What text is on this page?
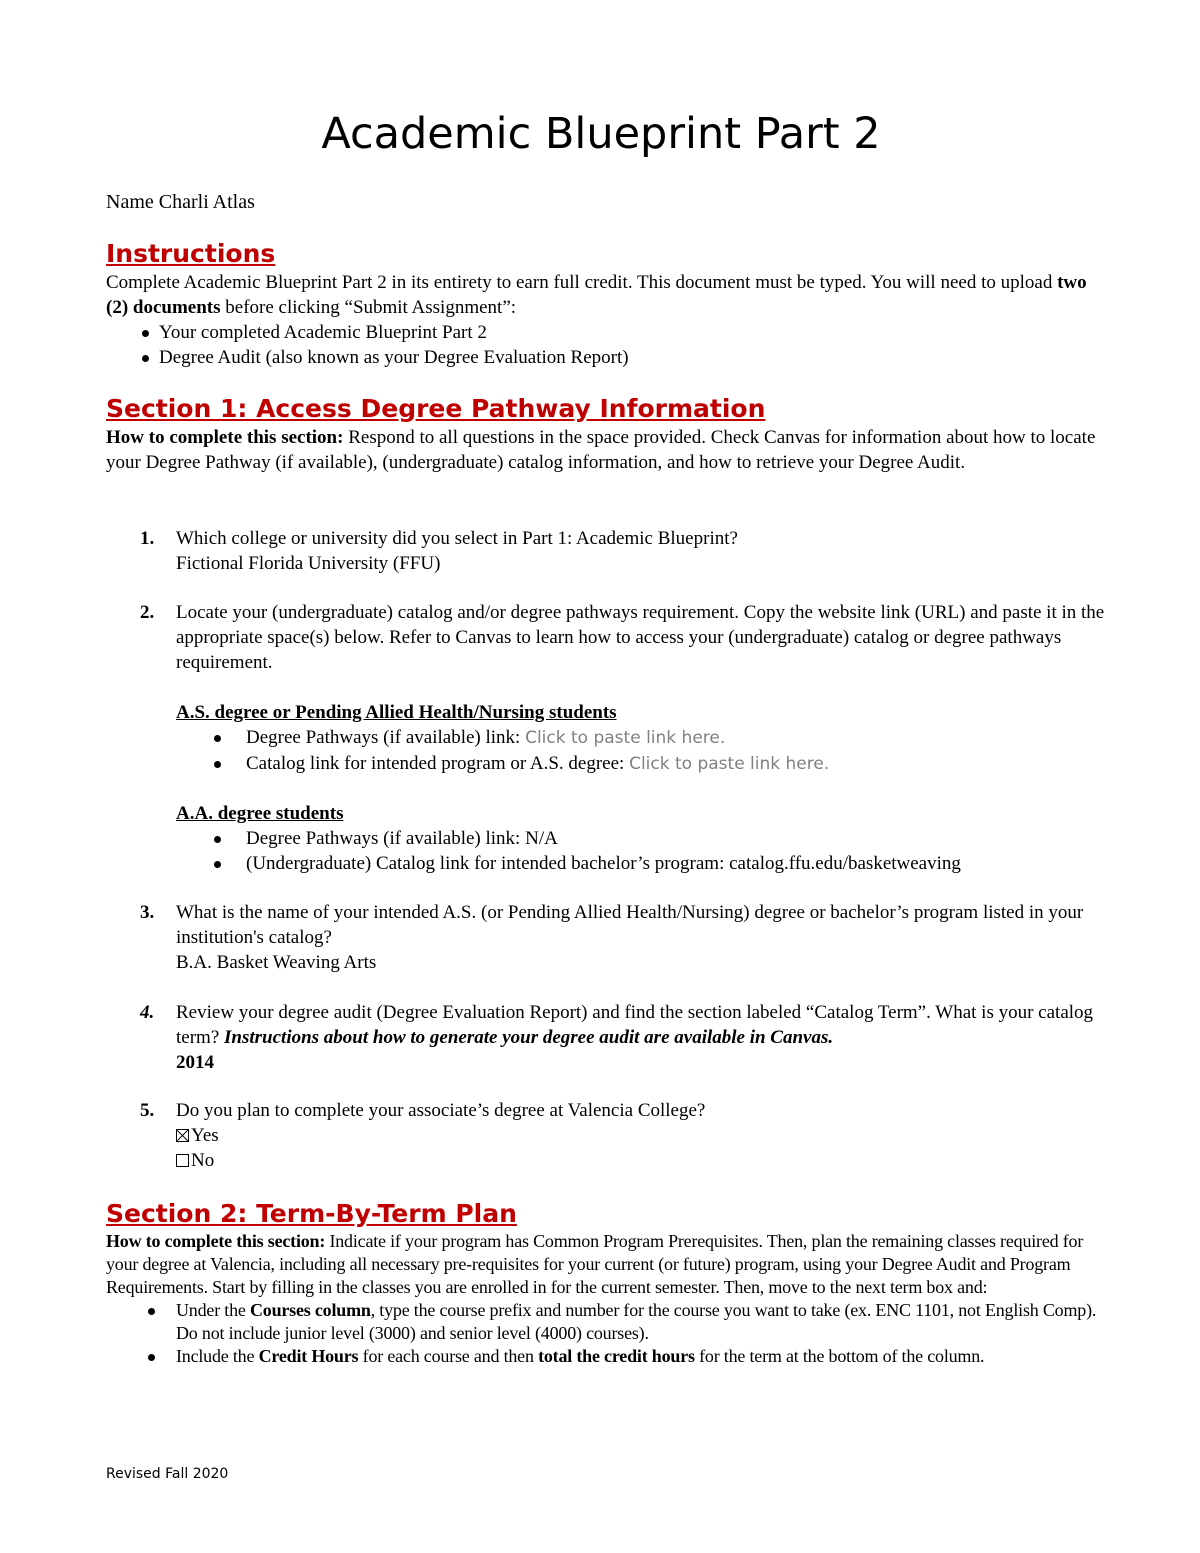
Academic Blueprint Part 2
Name Charli Atlas
Instructions

Complete Academic Blueprint Part 2 in its entirety to earn full credit. This document must be typed. You will need to upload two (2) documents before clicking “Submit Assignment”:

Your completed Academic Blueprint Part 2
Degree Audit (also known as your Degree Evaluation Report)
Section 1: Access Degree Pathway Information

How to complete this section: Respond to all questions in the space provided. Check Canvas for information about how to locate your Degree Pathway (if available), (undergraduate) catalog information, and how to retrieve your Degree Audit.

1. Which college or university did you select in Part 1: Academic Blueprint?

Fictional Florida University (FFU)

2. Locate your (undergraduate) catalog and/or degree pathways requirement. Copy the website link (URL) and paste it in the appropriate space(s) below. Refer to Canvas to learn how to access your (undergraduate) catalog or degree pathways requirement.

A.S. degree or Pending Allied Health/Nursing students

Degree Pathways (if available) link: Click to paste link here.
Catalog link for intended program or A.S. degree: Click to paste link here.

A.A. degree students

Degree Pathways (if available) link: N/A
(Undergraduate) Catalog link for intended bachelor’s program: catalog.ffu.edu/basketweaving
3. What is the name of your intended A.S. (or Pending Allied Health/Nursing) degree or bachelor’s program listed in your institution's catalog?

B.A. Basket Weaving Arts

4. Review your degree audit (Degree Evaluation Report) and find the section labeled “Catalog Term”. What is your catalog term? Instructions about how to generate your degree audit are available in Canvas.

2014

5. Do you plan to complete your associate’s degree at Valencia College?

Yes

No

Section 2: Term-By-Term Plan

How to complete this section: Indicate if your program has Common Program Prerequisites. Then, plan the remaining classes required for your degree at Valencia, including all necessary pre-requisites for your current (or future) program, using your Degree Audit and Program Requirements. Start by filling in the classes you are enrolled in for the current semester. Then, move to the next term box and:

Under the Courses column, type the course prefix and number for the course you want to take (ex. ENC 1101, not English Comp). Do not include junior level (3000) and senior level (4000) courses).
Include the Credit Hours for each course and then total the credit hours for the term at the bottom of the column.
Revised Fall 2020
